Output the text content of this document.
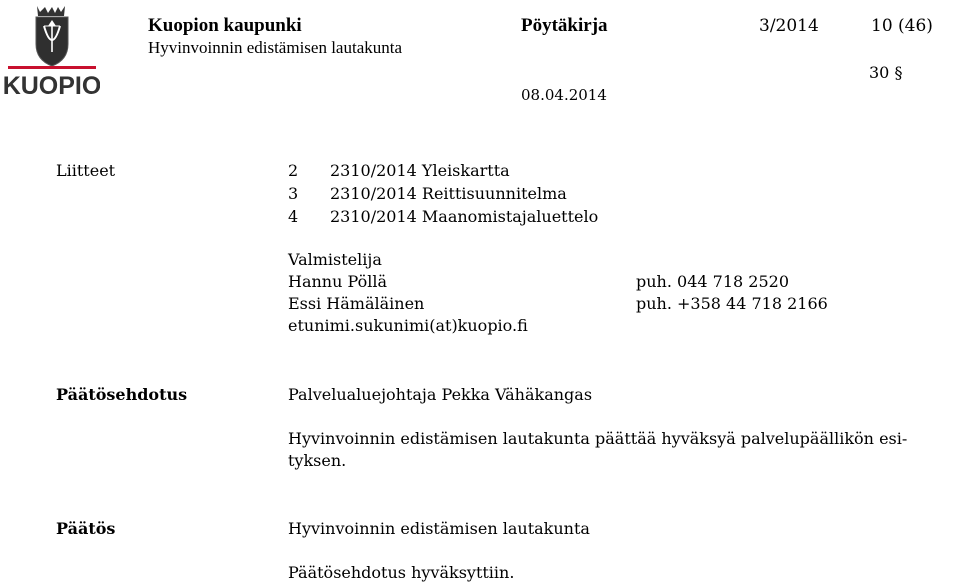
KUOPIO
Kuopion kaupunki
Hyvinvoinnin edistämisen lautakunta
Pöytäkirja	3/2014	10 (46)
30 §
08.04.2014
Liitteet	2 2310/2014 Yleiskartta
3 2310/2014 Reittisuunnitelma
4 2310/2014 Maanomistajaluettelo
Valmistelija
Hannu Pöllä	puh. 044 718 2520
Essi Hämäläinen	puh. +358 44 718 2166
etunimi.sukunimi(at)kuopio.fi
Päätösehdotus	Palvelualuejohtaja Pekka Vähäkangas
Hyvinvoinnin edistämisen lautakunta päättää hyväksyä palvelupäällikön esi-
tyksen.
Päätös	Hyvinvoinnin edistämisen lautakunta
Päätösehdotus hyväksyttiin.
